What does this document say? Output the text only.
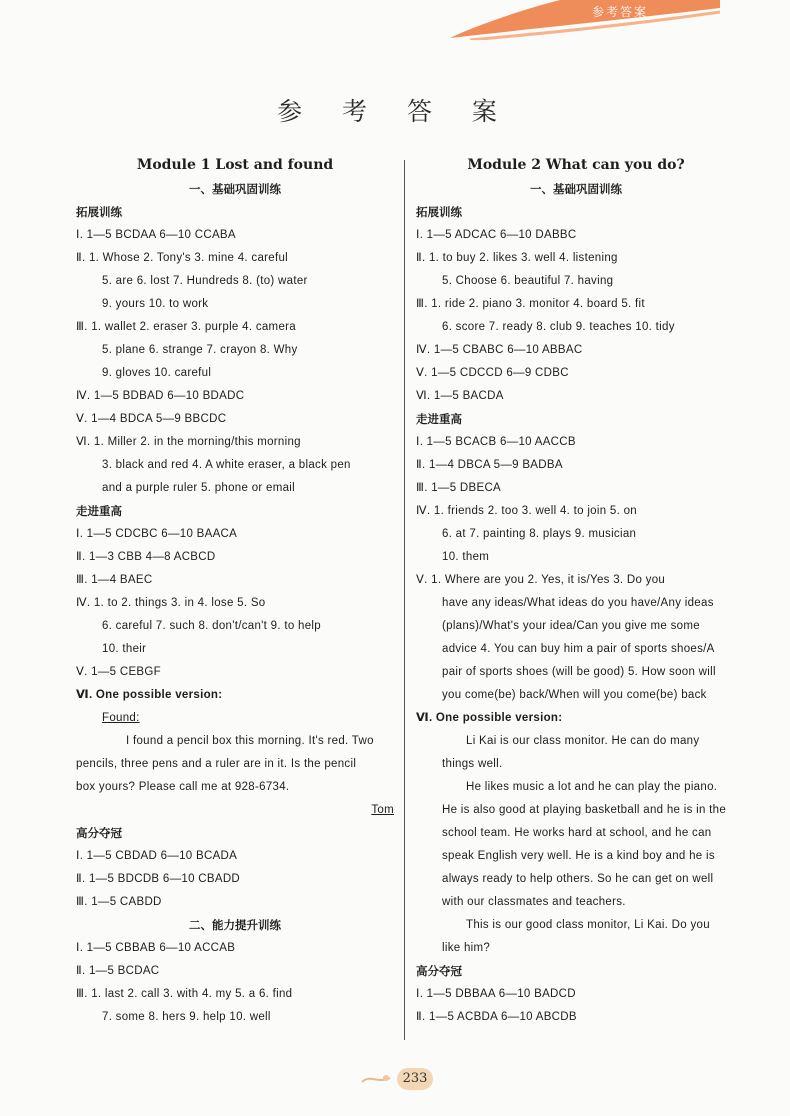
参考答案
参 考 答 案
Module 1 Lost and found
一、基础巩固训练
拓展训练
Ⅰ. 1—5 BCDAA 6—10 CCABA
Ⅱ. 1. Whose 2. Tony's 3. mine 4. careful
5. are 6. lost 7. Hundreds 8. (to) water
9. yours 10. to work
Ⅲ. 1. wallet 2. eraser 3. purple 4. camera
5. plane 6. strange 7. crayon 8. Why
9. gloves 10. careful
Ⅳ. 1—5 BDBAD 6—10 BDADC
Ⅴ. 1—4 BDCA 5—9 BBCDC
Ⅵ. 1. Miller 2. in the morning/this morning
3. black and red 4. A white eraser, a black pen
and a purple ruler 5. phone or email
走进重高
Ⅰ. 1—5 CDCBC 6—10 BAACA
Ⅱ. 1—3 CBB 4—8 ACBCD
Ⅲ. 1—4 BAEC
Ⅳ. 1. to 2. things 3. in 4. lose 5. So
6. careful 7. such 8. don't/can't 9. to help
10. their
Ⅴ. 1—5 CEBGF
Ⅵ. One possible version:
Found:
I found a pencil box this morning. It's red. Two
pencils, three pens and a ruler are in it. Is the pencil
box yours? Please call me at 928-6734.
Tom
高分夺冠
Ⅰ. 1—5 CBDAD 6—10 BCADA
Ⅱ. 1—5 BDCDB 6—10 CBADD
Ⅲ. 1—5 CABDD
二、能力提升训练
Ⅰ. 1—5 CBBAB 6—10 ACCAB
Ⅱ. 1—5 BCDAC
Ⅲ. 1. last 2. call 3. with 4. my 5. a 6. find
7. some 8. hers 9. help 10. well
Module 2 What can you do?
一、基础巩固训练
拓展训练
Ⅰ. 1—5 ADCAC 6—10 DABBC
Ⅱ. 1. to buy 2. likes 3. well 4. listening
5. Choose 6. beautiful 7. having
Ⅲ. 1. ride 2. piano 3. monitor 4. board 5. fit
6. score 7. ready 8. club 9. teaches 10. tidy
Ⅳ. 1—5 CBABC 6—10 ABBAC
Ⅴ. 1—5 CDCCD 6—9 CDBC
Ⅵ. 1—5 BACDA
走进重高
Ⅰ. 1—5 BCACB 6—10 AACCB
Ⅱ. 1—4 DBCA 5—9 BADBA
Ⅲ. 1—5 DBECA
Ⅳ. 1. friends 2. too 3. well 4. to join 5. on
6. at 7. painting 8. plays 9. musician
10. them
Ⅴ. 1. Where are you 2. Yes, it is/Yes 3. Do you
have any ideas/What ideas do you have/Any ideas
(plans)/What's your idea/Can you give me some
advice 4. You can buy him a pair of sports shoes/A
pair of sports shoes (will be good) 5. How soon will
you come(be) back/When will you come(be) back
Ⅵ. One possible version:
Li Kai is our class monitor. He can do many
things well.
He likes music a lot and he can play the piano.
He is also good at playing basketball and he is in the
school team. He works hard at school, and he can
speak English very well. He is a kind boy and he is
always ready to help others. So he can get on well
with our classmates and teachers.
This is our good class monitor, Li Kai. Do you
like him?
高分夺冠
Ⅰ. 1—5 DBBAA 6—10 BADCD
Ⅱ. 1—5 ACBDA 6—10 ABCDB
233
